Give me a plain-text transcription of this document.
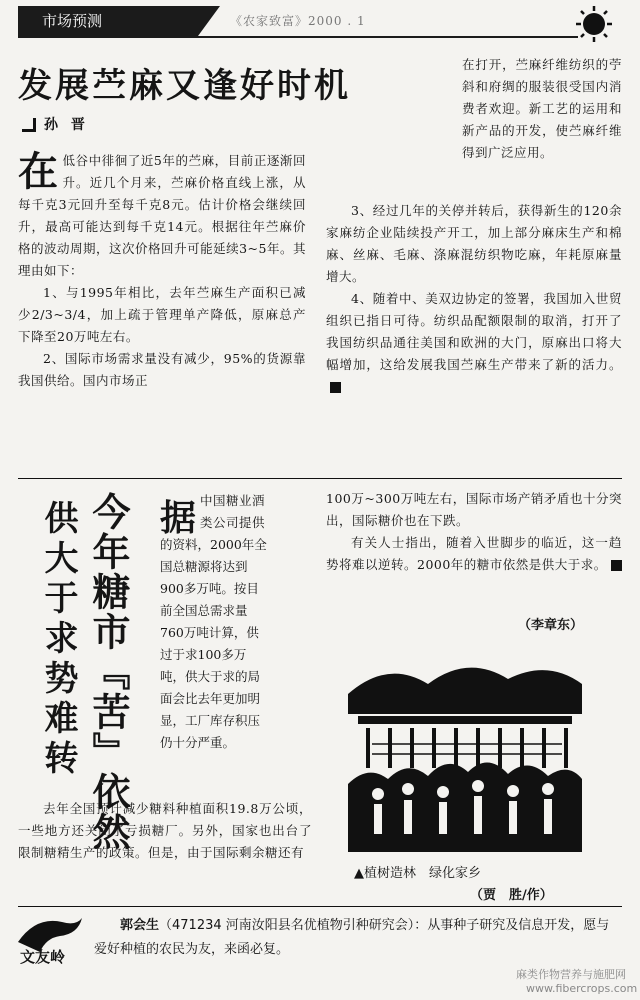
市场预测	《农家致富》2000 . 1
发展苎麻又逢好时机
孙 晋

在低谷中徘徊了近5年的苎麻，目前正逐渐回升。近几个月来，苎麻价格直线上涨，从每千克3元回升至每千克8元。估计价格会继续回升，最高可能达到每千克14元。根据往年苎麻价格的波动周期，这次价格回升可能延续3~5年。其理由如下：

1、与1995年相比，去年苎麻生产面积已减少2/3~3/4，加上疏于管理单产降低，原麻总产下降至20万吨左右。

2、国际市场需求量没有减少，95%的货源靠我国供给。国内市场正

在打开，苎麻纤维纺织的苧斜和府绸的服装很受国内消费者欢迎。新工艺的运用和新产品的开发，使苎麻纤维得到广泛应用。

3、经过几年的关停并转后，获得新生的120余家麻纺企业陆续投产开工，加上部分麻床生产和棉麻、丝麻、毛麻、涤麻混纺织物吃麻，年耗原麻量增大。

4、随着中、美双边协定的签署，我国加入世贸组织已指日可待。纺织品配额限制的取消，打开了我国纺织品通往美国和欧洲的大门，原麻出口将大幅增加，这给发展我国苎麻生产带来了新的活力。

今年糖市『苦』依然
供大于求势难转 据 中国糖业酒
类公司提供
的资料，2000年全
国总糖源将达到
900多万吨。按目
前全国总需求量
760万吨计算，供
过于求100多万
吨，供大于求的局
面会比去年更加明
显，工厂库存积压
仍十分严重。

去年全国预计减少糖料种植面积19.8万公顷，一些地方还关闭了亏损糖厂。另外，国家也出台了限制糖精生产的政策。但是，由于国际剩余糖还有

100万~300万吨左右，国际市场产销矛盾也十分突出，国际糖价也在下跌。

有关人士指出，随着入世脚步的临近，这一趋势将难以逆转。2000年的糖市依然是供大于求。

（李章东）
▲植树造林　绿化家乡
（贾　胜/作）
文友岭
郭会生（471234 河南汝阳县名优植物引种研究会）：从事种子研究及信息开发，愿与爱好种植的农民为友，来函必复。
麻类作物营养与施肥网
www.fibercrops.com
